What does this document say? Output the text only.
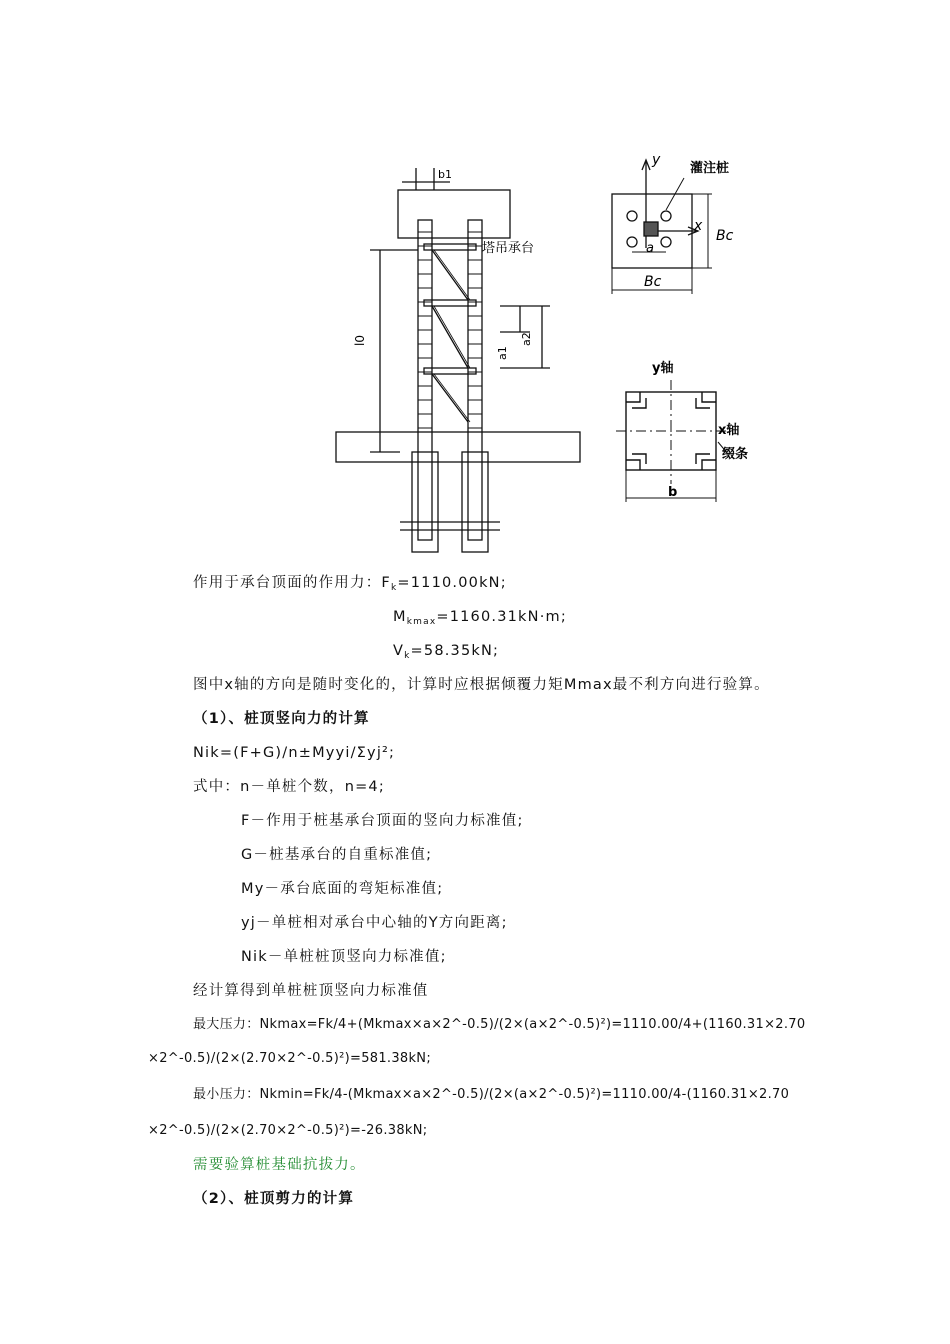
b1
塔吊承台
l0
a1
a2
y
灌注桩
x
a
Bc
Bc
y轴
x轴
缀条
b
作用于承台顶面的作用力：$F_k=1110.00kN$;
$M_{kmax}=1160.31kN\cdot m$;
$V_k=58.35kN$;
图中x轴的方向是随时变化的，计算时应根据倾覆力矩Mmax最不利方向进行验算。
（1）、桩顶竖向力的计算
Nik=(F+G)/n±Myyi/Σyj²;
式中：n－单桩个数，n=4;
F－作用于桩基承台顶面的竖向力标准值;
G－桩基承台的自重标准值;
My－承台底面的弯矩标准值;
yj－单桩相对承台中心轴的Y方向距离;
Nik－单桩桩顶竖向力标准值;
经计算得到单桩桩顶竖向力标准值
最大压力：Nkmax=Fk/4+(Mkmax×a×2^-0.5)/(2×(a×2^-0.5)²)=1110.00/4+(1160.31×2.70
×2^-0.5)/(2×(2.70×2^-0.5)²)=581.38kN;
最小压力：Nkmin=Fk/4-(Mkmax×a×2^-0.5)/(2×(a×2^-0.5)²)=1110.00/4-(1160.31×2.70
×2^-0.5)/(2×(2.70×2^-0.5)²)=-26.38kN;
需要验算桩基础抗拔力。
（2）、桩顶剪力的计算
